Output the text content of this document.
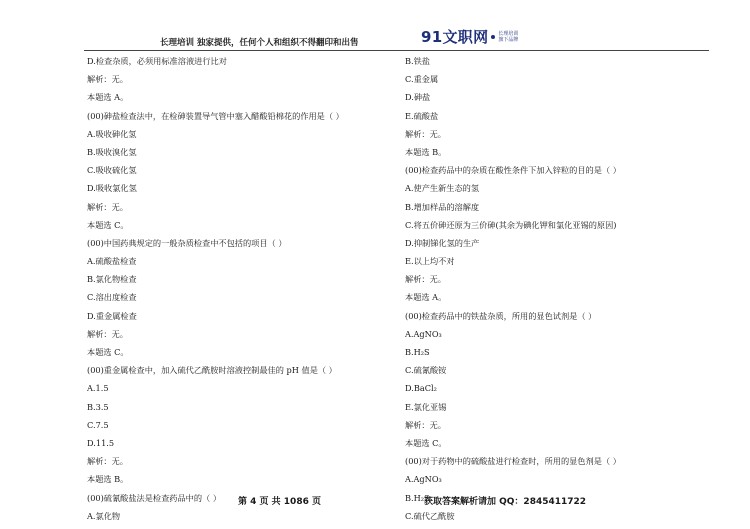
长理培训 独家提供，任何个人和组织不得翻印和出售	91文职网 长理培训
旗下品牌
D.检查杂质，必须用标准溶液进行比对
解析：无。
本题选 A。
(00)砷盐检查法中，在检砷装置导气管中塞入醋酸铅棉花的作用是（ ）
A.吸收砷化氢
B.吸收溴化氢
C.吸收硫化氢
D.吸收氯化氢
解析：无。
本题选 C。
(00)中国药典规定的一般杂质检查中不包括的项目（ ）
A.硫酸盐检查
B.氯化物检查
C.溶出度检查
D.重金属检查
解析：无。
本题选 C。
(00)重金属检查中，加入硫代乙酰胺时溶液控制最佳的 pH 值是（ ）
A.1.5
B.3.5
C.7.5
D.11.5
解析：无。
本题选 B。
(00)硫氰酸盐法是检查药品中的（ ）
A.氯化物
B.铁盐
C.重金属
D.砷盐
E.硫酸盐
解析：无。
本题选 B。
(00)检查药品中的杂质在酸性条件下加入锌粒的目的是（ ）
A.使产生新生态的氢
B.增加样品的溶解度
C.将五价砷还原为三价砷(其余为碘化钾和氯化亚锡的原因)
D.抑制锑化氢的生产
E.以上均不对
解析：无。
本题选 A。
(00)检查药品中的铁盐杂质，所用的显色试剂是（ ）
A.AgNO₃
B.H₂S
C.硫氰酸铵
D.BaCl₂
E.氯化亚锡
解析：无。
本题选 C。
(00)对于药物中的硫酸盐进行检查时，所用的显色剂是（ ）
A.AgNO₃
B.H₂S
C.硫代乙酰胺
第 4 页 共 1086 页	获取答案解析请加 QQ：2845411722
